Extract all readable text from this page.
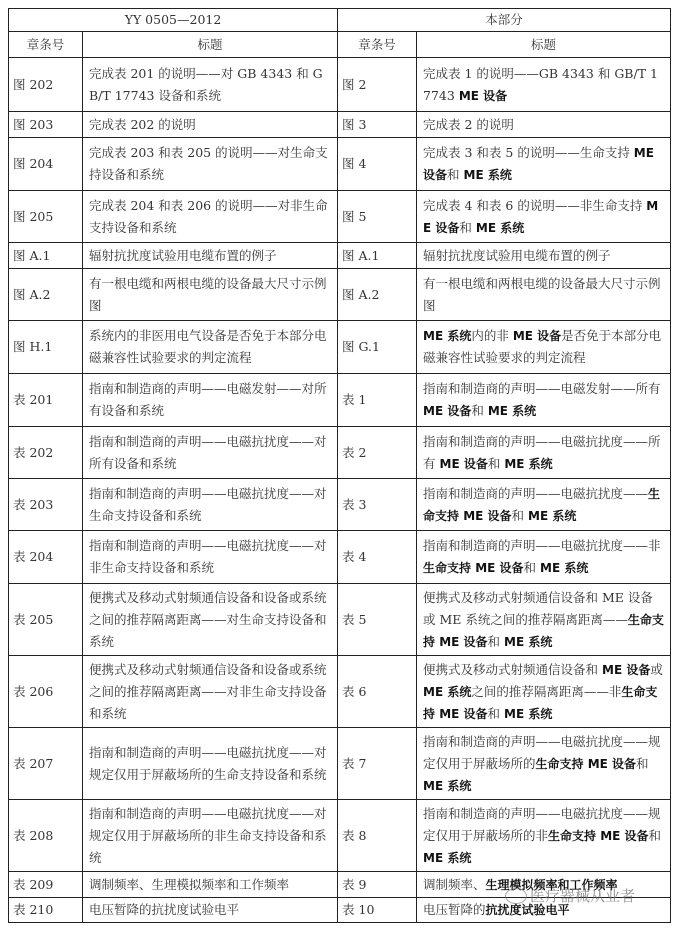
YY 0505—2012		本部分	
章条号	标题	章条号	标题
图 202	完成表 201 的说明——对 GB 4343 和 GB/T 17743 设备和系统	图 2	完成表 1 的说明——GB 4343 和 GB/T 17743 ME 设备
图 203	完成表 202 的说明	图 3	完成表 2 的说明
图 204	完成表 203 和表 205 的说明——对生命支持设备和系统	图 4	完成表 3 和表 5 的说明——生命支持 ME 设备和 ME 系统
图 205	完成表 204 和表 206 的说明——对非生命支持设备和系统	图 5	完成表 4 和表 6 的说明——非生命支持 ME 设备和 ME 系统
图 A.1	辐射抗扰度试验用电缆布置的例子	图 A.1	辐射抗扰度试验用电缆布置的例子
图 A.2	有一根电缆和两根电缆的设备最大尺寸示例图	图 A.2	有一根电缆和两根电缆的设备最大尺寸示例图
图 H.1	系统内的非医用电气设备是否免于本部分电磁兼容性试验要求的判定流程	图 G.1	ME 系统内的非 ME 设备是否免于本部分电磁兼容性试验要求的判定流程
表 201	指南和制造商的声明——电磁发射——对所有设备和系统	表 1	指南和制造商的声明——电磁发射——所有 ME 设备和 ME 系统
表 202	指南和制造商的声明——电磁抗扰度——对所有设备和系统	表 2	指南和制造商的声明——电磁抗扰度——所有 ME 设备和 ME 系统
表 203	指南和制造商的声明——电磁抗扰度——对生命支持设备和系统	表 3	指南和制造商的声明——电磁抗扰度——生命支持 ME 设备和 ME 系统
表 204	指南和制造商的声明——电磁抗扰度——对非生命支持设备和系统	表 4	指南和制造商的声明——电磁抗扰度——非生命支持 ME 设备和 ME 系统
表 205	便携式及移动式射频通信设备和设备或系统之间的推荐隔离距离——对生命支持设备和系统	表 5	便携式及移动式射频通信设备和 ME 设备或 ME 系统之间的推荐隔离距离——生命支持 ME 设备和 ME 系统
表 206	便携式及移动式射频通信设备和设备或系统之间的推荐隔离距离——对非生命支持设备和系统	表 6	便携式及移动式射频通信设备和 ME 设备或 ME 系统之间的推荐隔离距离——非生命支持 ME 设备和 ME 系统
表 207	指南和制造商的声明——电磁抗扰度——对规定仅用于屏蔽场所的生命支持设备和系统	表 7	指南和制造商的声明——电磁抗扰度——规定仅用于屏蔽场所的生命支持 ME 设备和 ME 系统
表 208	指南和制造商的声明——电磁抗扰度——对规定仅用于屏蔽场所的非生命支持设备和系统	表 8	指南和制造商的声明——电磁抗扰度——规定仅用于屏蔽场所的非生命支持 ME 设备和 ME 系统
表 209	调制频率、生理模拟频率和工作频率	表 9	调制频率、生理模拟频率和工作频率
表 210	电压暂降的抗扰度试验电平	表 10	电压暂降的抗扰度试验电平
医疗器械从业者
